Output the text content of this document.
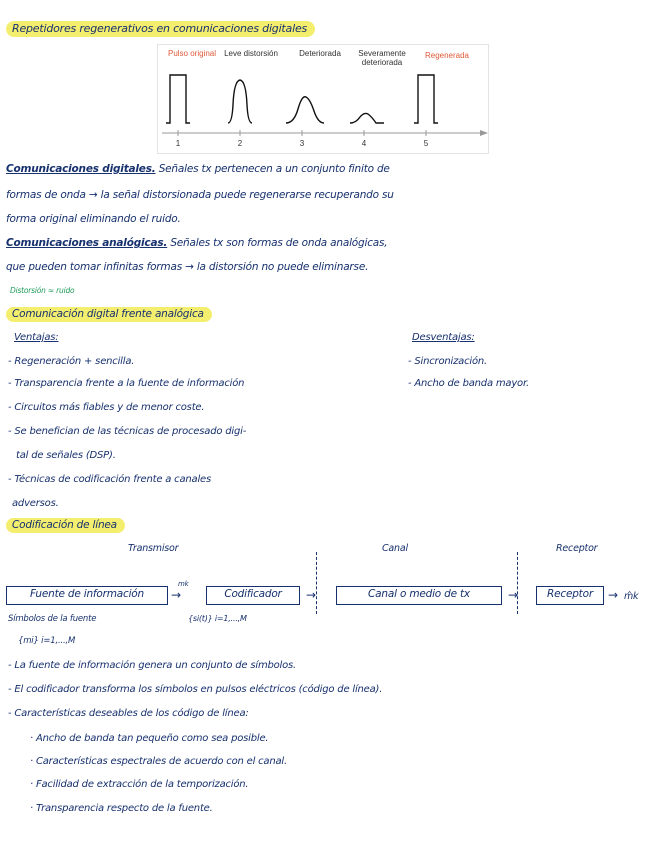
Repetidores regenerativos en comunicaciones digitales
Pulso original	Leve distorsión	Deteriorada	Severamente deteriorada
Regenerada
1	2	3	4	5
Comunicaciones digitales. Señales tx pertenecen a un conjunto finito de
formas de onda → la señal distorsionada puede regenerarse recuperando su
forma original eliminando el ruido.
Comunicaciones analógicas. Señales tx son formas de onda analógicas,
que pueden tomar infinitas formas → la distorsión no puede eliminarse.
Distorsión ≈ ruido
Comunicación digital frente analógica
Ventajas:
- Regeneración + sencilla.
- Transparencia frente a la fuente de información
- Circuitos más fiables y de menor coste.
- Se benefician de las técnicas de procesado digi-
tal de señales (DSP).
- Técnicas de codificación frente a canales
adversos.
Desventajas:
- Sincronización.
- Ancho de banda mayor.
Codificación de línea
Transmisor	Canal	Receptor
Fuente de información	→
mk
Codificador	→	Canal o medio de tx	→	Receptor	→ m̂k
Símbolos de la fuente	{si(t)} i=1,...,M
{mi} i=1,...,M
- La fuente de información genera un conjunto de símbolos.
- El codificador transforma los símbolos en pulsos eléctricos (código de línea).
- Características deseables de los código de línea:
· Ancho de banda tan pequeño como sea posible.
· Características espectrales de acuerdo con el canal.
· Facilidad de extracción de la temporización.
· Transparencia respecto de la fuente.
